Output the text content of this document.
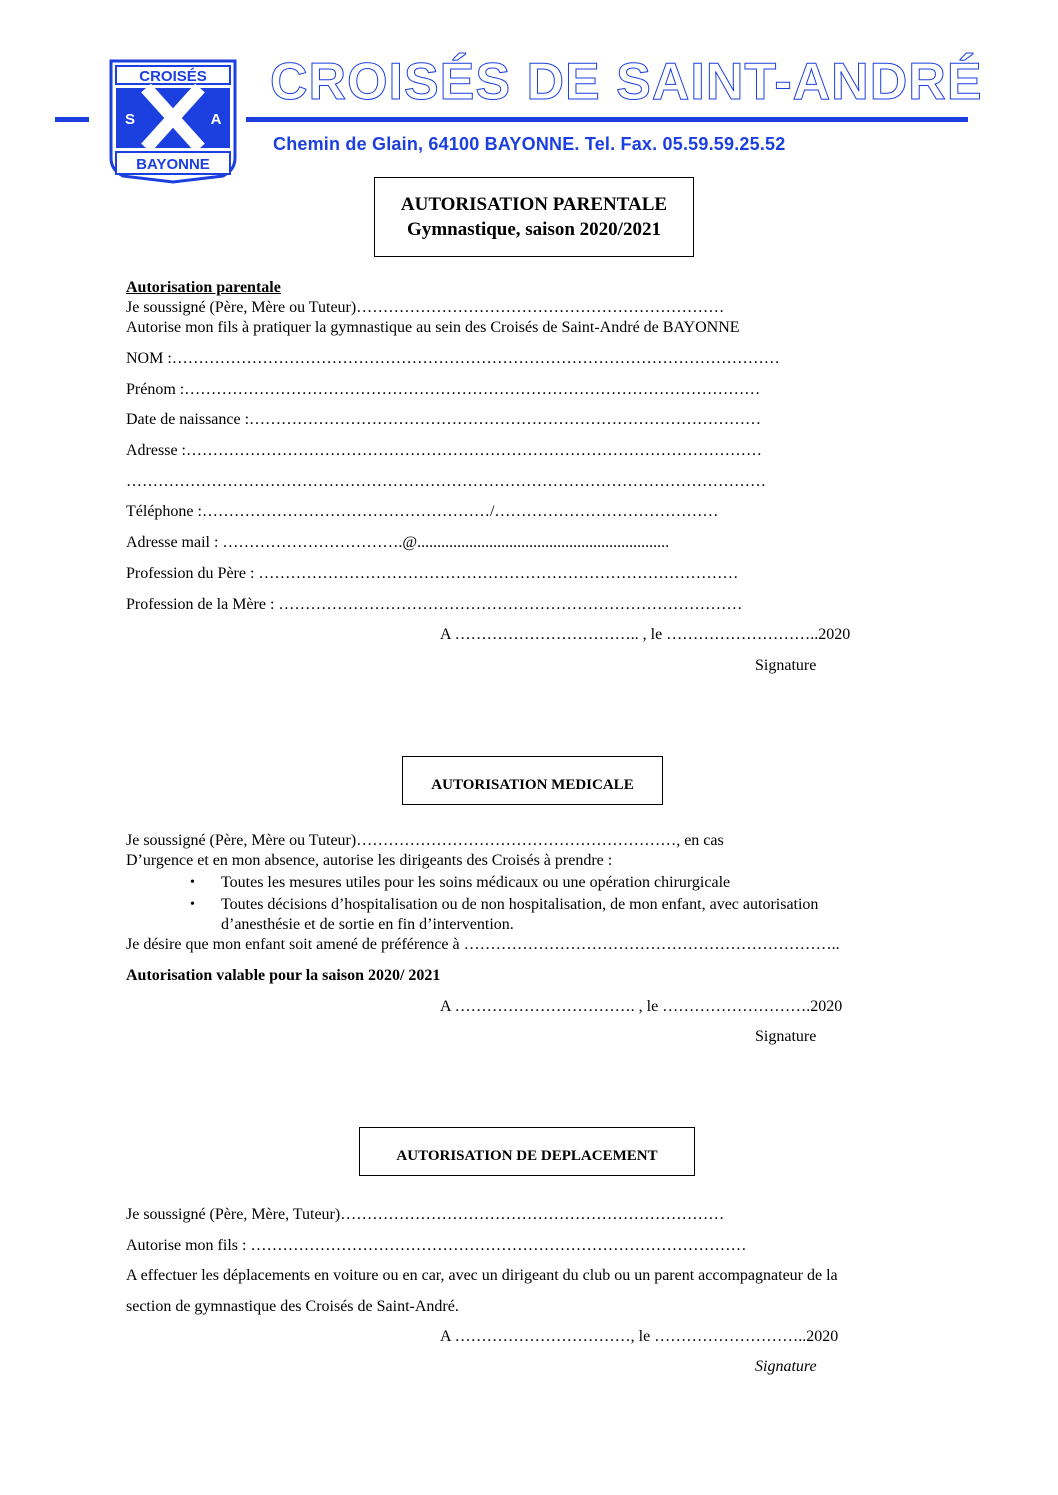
CROISÉS
S	A
BAYONNE
CROISÉS DE SAINT-ANDRÉ
Chemin de Glain, 64100 BAYONNE. Tel. Fax. 05.59.59.25.52
AUTORISATION PARENTALE
Gymnastique, saison 2020/2021
Autorisation parentale
Je soussigné (Père, Mère ou Tuteur)……………………………………………………………
Autorise mon fils à pratiquer la gymnastique au sein des Croisés de Saint-André de BAYONNE
NOM :……………………………………………………………………………………………………
Prénom :………………………………………………………………………………………………
Date de naissance :……………………………………………………………………………………
Adresse :………………………………………………………………………………………………
…………………………………………………………………………………………………………
Téléphone :………………………………………………/……………………………………
Adresse mail : …………………………….@...............................................................
Profession du Père : ………………………………………………………………………………
Profession de la Mère : ……………………………………………………………………………
A …………………………….. , le ………………………..2020
Signature
AUTORISATION MEDICALE
Je soussigné (Père, Mère ou Tuteur)……………………………………………………, en cas
D’urgence et en mon absence, autorise les dirigeants des Croisés à prendre :
• Toutes les mesures utiles pour les soins médicaux ou une opération chirurgicale
• Toutes décisions d’hospitalisation ou de non hospitalisation, de mon enfant, avec autorisation
d’anesthésie et de sortie en fin d’intervention.
Je désire que mon enfant soit amené de préférence à ……………………………………………………………..
Autorisation valable pour la saison 2020/ 2021
A ……………………………. , le ……………………….2020
Signature
AUTORISATION DE DEPLACEMENT
Je soussigné (Père, Mère, Tuteur)………………………………………………………………
Autorise mon fils : …………………………………………………………………………………
A effectuer les déplacements en voiture ou en car, avec un dirigeant du club ou un parent accompagnateur de la
section de gymnastique des Croisés de Saint-André.
A ……………………………, le ………………………..2020
Signature
